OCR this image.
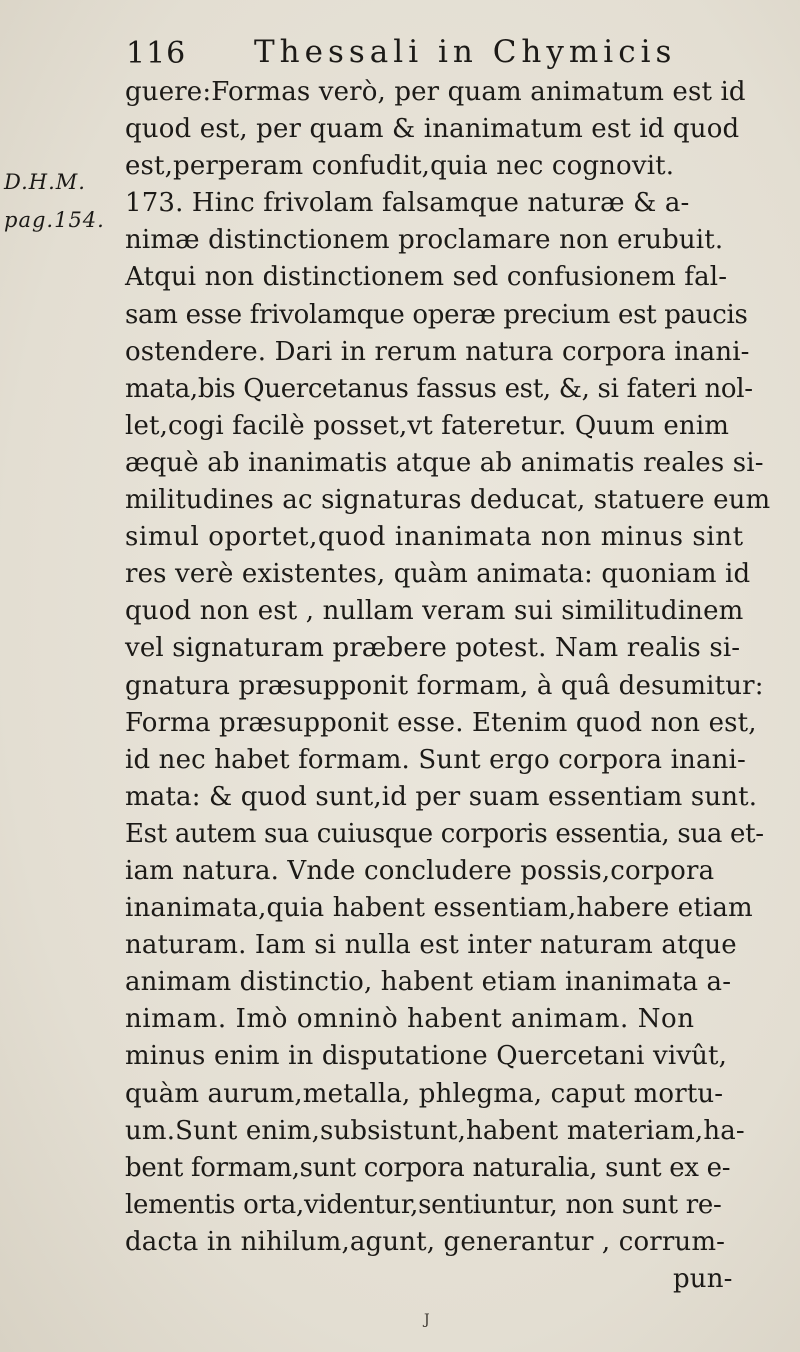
116 Thessali in Chymicis
D.H.M.
pag.154.
guere:Formas verò, per quam animatum est id
quod est, per quam & inanimatum est id quod
est,perperam confudit,quia nec cognovit.
173. Hinc frivolam falsamque naturæ & a-
nimæ distinctionem proclamare non erubuit.
Atqui non distinctionem sed confusionem fal-
sam esse frivolamque operæ precium est paucis
ostendere. Dari in rerum natura corpora inani-
mata,bis Quercetanus fassus est, &, si fateri nol-
let,cogi facilè posset,vt fateretur. Quum enim
æquè ab inanimatis atque ab animatis reales si-
militudines ac signaturas deducat, statuere eum
simul oportet,quod inanimata non minus sint
res verè existentes, quàm animata: quoniam id
quod non est , nullam veram sui similitudinem
vel signaturam præbere potest. Nam realis si-
gnatura præsupponit formam, à quâ desumitur:
Forma præsupponit esse. Etenim quod non est,
id nec habet formam. Sunt ergo corpora inani-
mata: & quod sunt,id per suam essentiam sunt.
Est autem sua cuiusque corporis essentia, sua et-
iam natura. Vnde concludere possis,corpora
inanimata,quia habent essentiam,habere etiam
naturam. Iam si nulla est inter naturam atque
animam distinctio, habent etiam inanimata a-
nimam. Imò omninò habent animam. Non
minus enim in disputatione Quercetani vivût,
quàm aurum,metalla, phlegma, caput mortu-
um.Sunt enim,subsistunt,habent materiam,ha-
bent formam,sunt corpora naturalia, sunt ex e-
lementis orta,videntur,sentiuntur, non sunt re-
dacta in nihilum,agunt, generantur , corrum-
pun-
J
